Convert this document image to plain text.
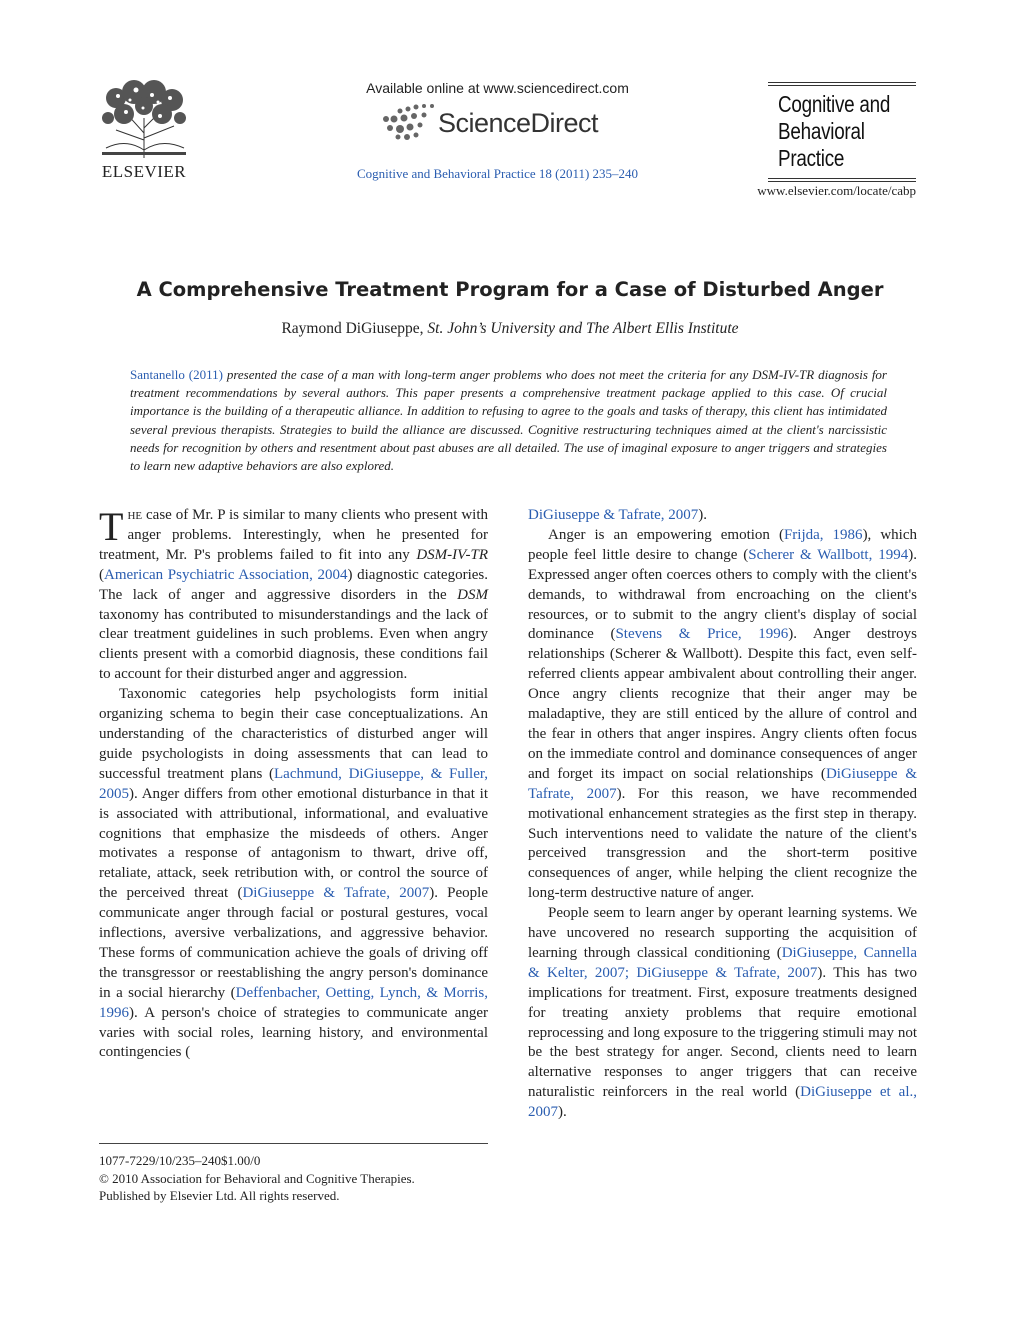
ELSEVIER
Available online at www.sciencedirect.com
ScienceDirect
Cognitive and Behavioral Practice 18 (2011) 235–240
Cognitive and
Behavioral
Practice
www.elsevier.com/locate/cabp
A Comprehensive Treatment Program for a Case of Disturbed Anger
Raymond DiGiuseppe, St. John’s University and The Albert Ellis Institute
Santanello (2011) presented the case of a man with long-term anger problems who does not meet the criteria for any DSM-IV-TR diagnosis for treatment recommendations by several authors. This paper presents a comprehensive treatment package applied to this case. Of crucial importance is the building of a therapeutic alliance. In addition to refusing to agree to the goals and tasks of therapy, this client has intimidated several previous therapists. Strategies to build the alliance are discussed. Cognitive restructuring techniques aimed at the client's narcissistic needs for recognition by others and resentment about past abuses are all detailed. The use of imaginal exposure to anger triggers and strategies to learn new adaptive behaviors are also explored.

The case of Mr. P is similar to many clients who present with anger problems. Interestingly, when he presented for treatment, Mr. P's problems failed to fit into any DSM-IV-TR (American Psychiatric Association, 2004) diagnostic categories. The lack of anger and aggressive disorders in the DSM taxonomy has contributed to misunderstandings and the lack of clear treatment guidelines in such problems. Even when angry clients present with a comorbid diagnosis, these conditions fail to account for their disturbed anger and aggression.

Taxonomic categories help psychologists form initial organizing schema to begin their case conceptualizations. An understanding of the characteristics of disturbed anger will guide psychologists in doing assessments that can lead to successful treatment plans (Lachmund, DiGiuseppe, & Fuller, 2005). Anger differs from other emotional disturbance in that it is associated with attributional, informational, and evaluative cognitions that emphasize the misdeeds of others. Anger motivates a response of antagonism to thwart, drive off, retaliate, attack, seek retribution with, or control the source of the perceived threat (DiGiuseppe & Tafrate, 2007). People communicate anger through facial or postural gestures, vocal inflections, aversive verbalizations, and aggressive behavior. These forms of communication achieve the goals of driving off the transgressor or reestablishing the angry person's dominance in a social hierarchy (Deffenbacher, Oetting, Lynch, & Morris, 1996). A person's choice of strategies to communicate anger varies with social roles, learning history, and environmental contingencies (

DiGiuseppe & Tafrate, 2007).

Anger is an empowering emotion (Frijda, 1986), which people feel little desire to change (Scherer & Wallbott, 1994). Expressed anger often coerces others to comply with the client's demands, to withdrawal from encroaching on the client's resources, or to submit to the angry client's display of social dominance (Stevens & Price, 1996). Anger destroys relationships (Scherer & Wallbott). Despite this fact, even self-referred clients appear ambivalent about controlling their anger. Once angry clients recognize that their anger may be maladaptive, they are still enticed by the allure of control and the fear in others that anger inspires. Angry clients often focus on the immediate control and dominance consequences of anger and forget its impact on social relationships (DiGiuseppe & Tafrate, 2007). For this reason, we have recommended motivational enhancement strategies as the first step in therapy. Such interventions need to validate the nature of the client's perceived transgression and the short-term positive consequences of anger, while helping the client recognize the long-term destructive nature of anger.

People seem to learn anger by operant learning systems. We have uncovered no research supporting the acquisition of learning through classical conditioning (DiGiuseppe, Cannella & Kelter, 2007; DiGiuseppe & Tafrate, 2007). This has two implications for treatment. First, exposure treatments designed for treating anxiety problems that require emotional reprocessing and long exposure to the triggering stimuli may not be the best strategy for anger. Second, clients need to learn alternative responses to anger triggers that can receive naturalistic reinforcers in the real world (DiGiuseppe et al., 2007).

1077-7229/10/235–240$1.00/0
© 2010 Association for Behavioral and Cognitive Therapies.
Published by Elsevier Ltd. All rights reserved.
